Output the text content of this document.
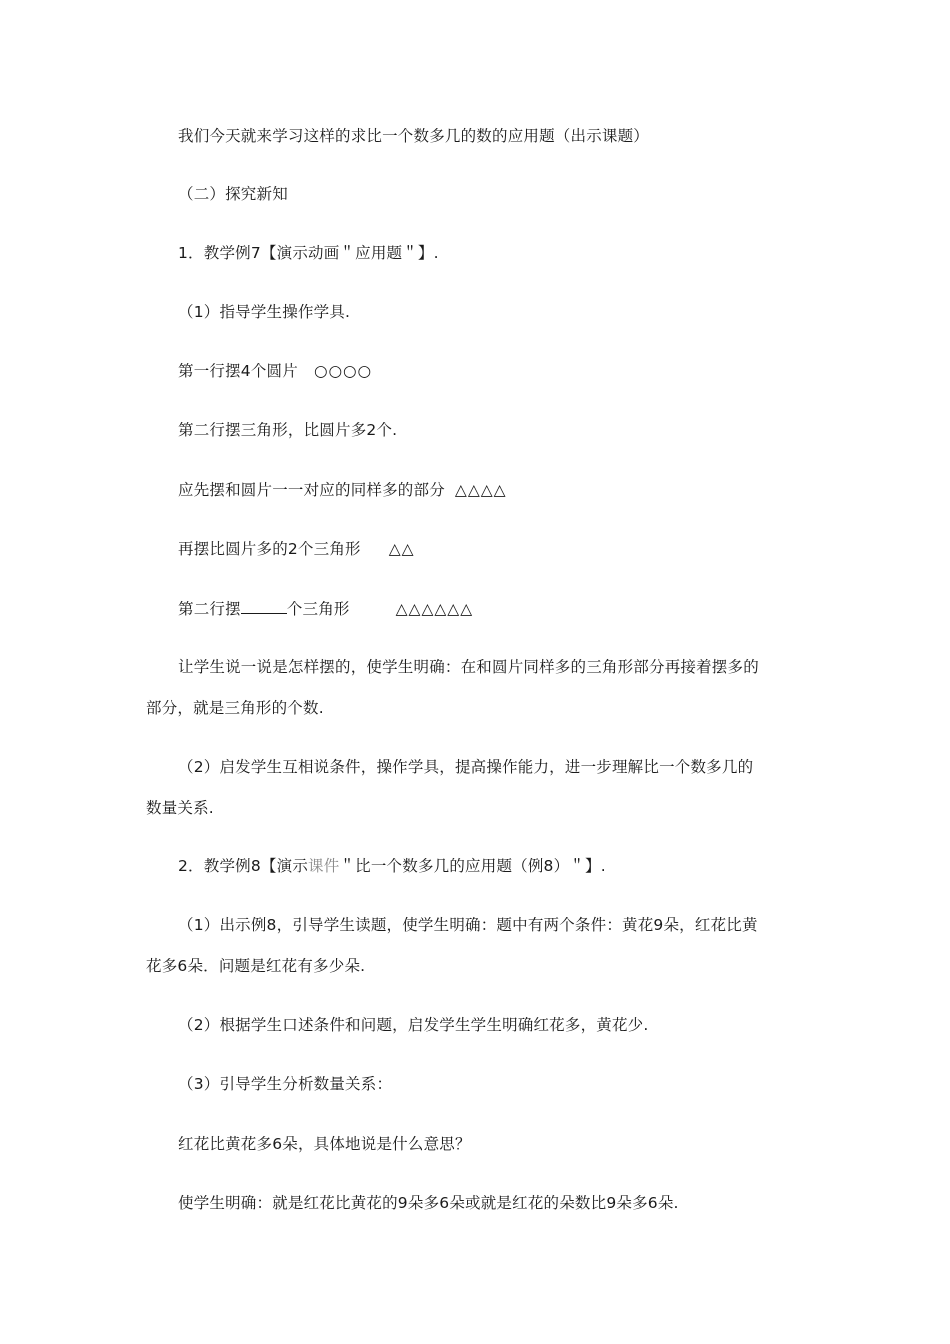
我们今天就来学习这样的求比一个数多几的数的应用题（出示课题）
（二）探究新知
1．教学例7【演示动画＂应用题＂】.
（1）指导学生操作学具.
第一行摆4个圆片 ○○○○
第二行摆三角形，比圆片多2个.
应先摆和圆片一一对应的同样多的部分 △△△△
再摆比圆片多的2个三角形 △△
第二行摆	个三角形	△△△△△△
让学生说一说是怎样摆的，使学生明确：在和圆片同样多的三角形部分再接着摆多的
部分，就是三角形的个数.
（2）启发学生互相说条件，操作学具，提高操作能力，进一步理解比一个数多几的
数量关系.
2．教学例8【演示课件＂比一个数多几的应用题（例8）＂】.
（1）出示例8，引导学生读题，使学生明确：题中有两个条件：黄花9朵，红花比黄
花多6朵．问题是红花有多少朵.
（2）根据学生口述条件和问题，启发学生学生明确红花多，黄花少.
（3）引导学生分析数量关系：
红花比黄花多6朵，具体地说是什么意思？
使学生明确：就是红花比黄花的9朵多6朵或就是红花的朵数比9朵多6朵.
